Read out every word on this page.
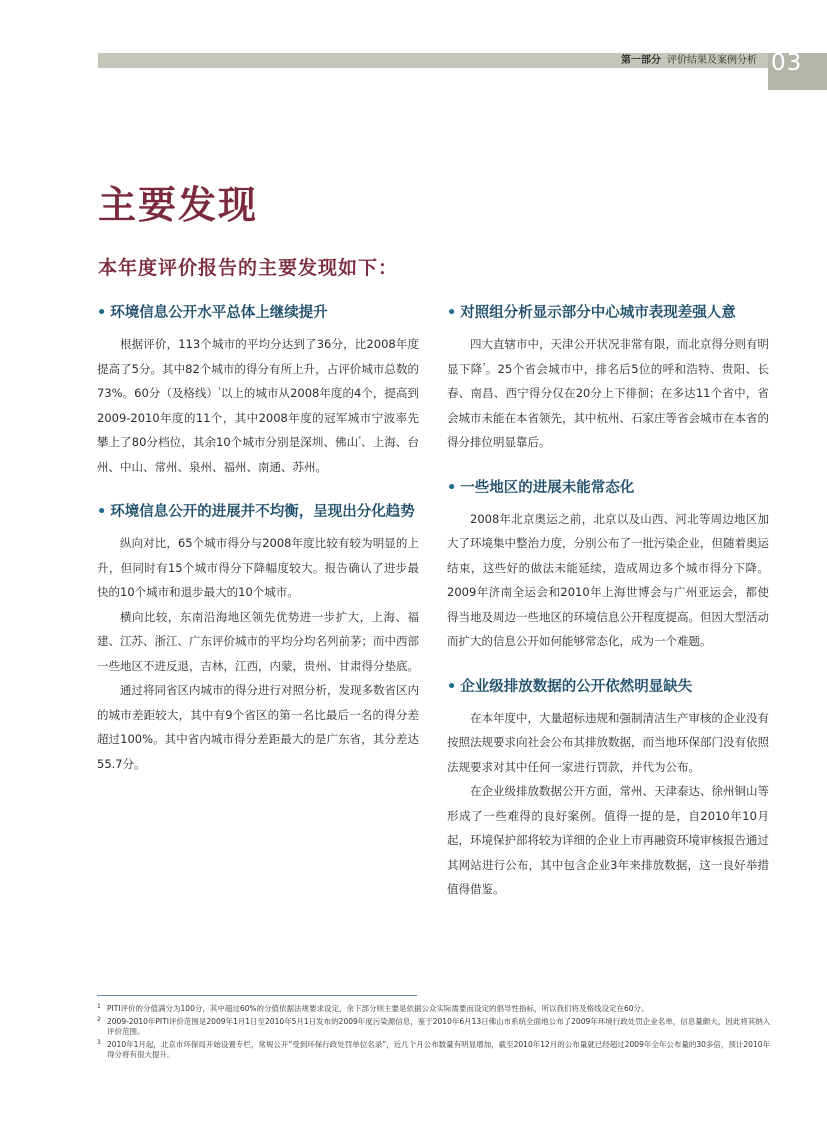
第一部分 评价结果及案例分析 03
主要发现
本年度评价报告的主要发现如下：
• 环境信息公开水平总体上继续提升

根据评价，113个城市的平均分达到了36分，比2008年度提高了5分。其中82个城市的得分有所上升，占评价城市总数的73%。60分（及格线）$^{^1}$以上的城市从2008年度的4个，提高到2009-2010年度的11个，其中2008年度的冠军城市宁波率先攀上了80分档位，其余10个城市分别是深圳、佛山$^{^2}$、上海、台州、中山、常州、泉州、福州、南通、苏州。

• 环境信息公开的进展并不均衡，呈现出分化趋势

纵向对比，65个城市得分与2008年度比较有较为明显的上升，但同时有15个城市得分下降幅度较大。报告确认了进步最快的10个城市和退步最大的10个城市。

横向比较，东南沿海地区领先优势进一步扩大，上海、福建、江苏、浙江、广东评价城市的平均分均名列前茅；而中西部一些地区不进反退，吉林，江西，内蒙，贵州、甘肃得分垫底。

通过将同省区内城市的得分进行对照分析，发现多数省区内的城市差距较大，其中有9个省区的第一名比最后一名的得分差超过100%。其中省内城市得分差距最大的是广东省，其分差达55.7分。

• 对照组分析显示部分中心城市表现差强人意

四大直辖市中，天津公开状况非常有限，而北京得分则有明显下降$^{^3}$。25个省会城市中，排名后5位的呼和浩特、贵阳、长春、南昌、西宁得分仅在20分上下徘徊；在多达11个省中，省会城市未能在本省领先，其中杭州、石家庄等省会城市在本省的得分排位明显靠后。

• 一些地区的进展未能常态化

2008年北京奥运之前，北京以及山西、河北等周边地区加大了环境集中整治力度，分别公布了一批污染企业，但随着奥运结束，这些好的做法未能延续，造成周边多个城市得分下降。2009年济南全运会和2010年上海世博会与广州亚运会，都使得当地及周边一些地区的环境信息公开程度提高。但因大型活动而扩大的信息公开如何能够常态化，成为一个难题。

• 企业级排放数据的公开依然明显缺失

在本年度中，大量超标违规和强制清洁生产审核的企业没有按照法规要求向社会公布其排放数据，而当地环保部门没有依照法规要求对其中任何一家进行罚款，并代为公布。

在企业级排放数据公开方面，常州、天津泰达、徐州铜山等形成了一些难得的良好案例。值得一提的是，自2010年10月起，环境保护部将较为详细的企业上市再融资环境审核报告通过其网站进行公布，其中包含企业3年来排放数据，这一良好举措值得借鉴。

1 PITI评价的分值满分为100分，其中超过60%的分值依据法规要求设定，余下部分则主要是依据公众实际需要而设定的倡导性指标，所以我们将及格线设定在60分。
2 2009-2010年PITI评价范围是2009年1月1日至2010年5月1日发布的2009年度污染源信息，鉴于2010年6月13日佛山市系统全面地公布了2009年环境行政处罚企业名单，信息量颇大，因此将其纳入评价范围。
3 2010年1月起，北京市环保局开始设置专栏，常规公开“受到环保行政处罚单位名录”，近几个月公布数量有明显增加，截至2010年12月的公布量就已经超过2009年全年公布量的30多倍，预计2010年得分将有很大提升。
